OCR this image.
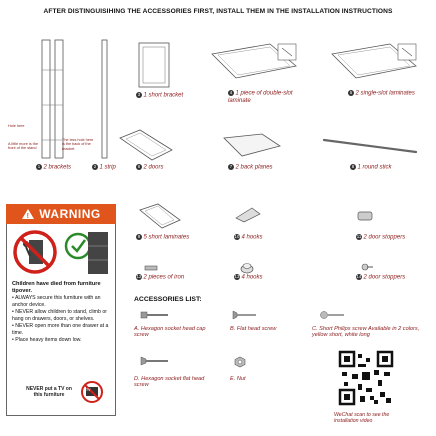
AFTER DISTINGUISIHING THE ACCESSORIES FIRST, INSTALL THEM IN THE INSTALLATION INSTRUCTIONS
Hole here
A little more is the front of the stand
The less hole here is the back of the bracket
1 2 brackets	2 1 strip
3 1 short bracket
4 1 piece of double-slot laminate
5 2 single-slot laminates
6 2 doors	7 2 back planes	8 1 round stick
! WARNING
Children have died from furniture tipover.
• ALWAYS secure this furniture with an anchor device.
• NEVER allow children to stand, climb or hang on drawers, doors, or shelves.
• NEVER open more than one drawer at a time.
• Place heavy items down low.
NEVER put a TV on this furniture
TV
9 5 short laminates	10 4 hooks	11 2 door stoppers
12 2 pieces of iron	13 4 hooks	14 2 door stoppers
ACCESSORIES LIST:
A. Hexagon socket head cap screw
B. Flat head screw	C. Short Philips screw Available in 2 colors, yellow short, white long
D. Hexagon socket flat head screw
E. Nut
WeChat scan to see the installation video
